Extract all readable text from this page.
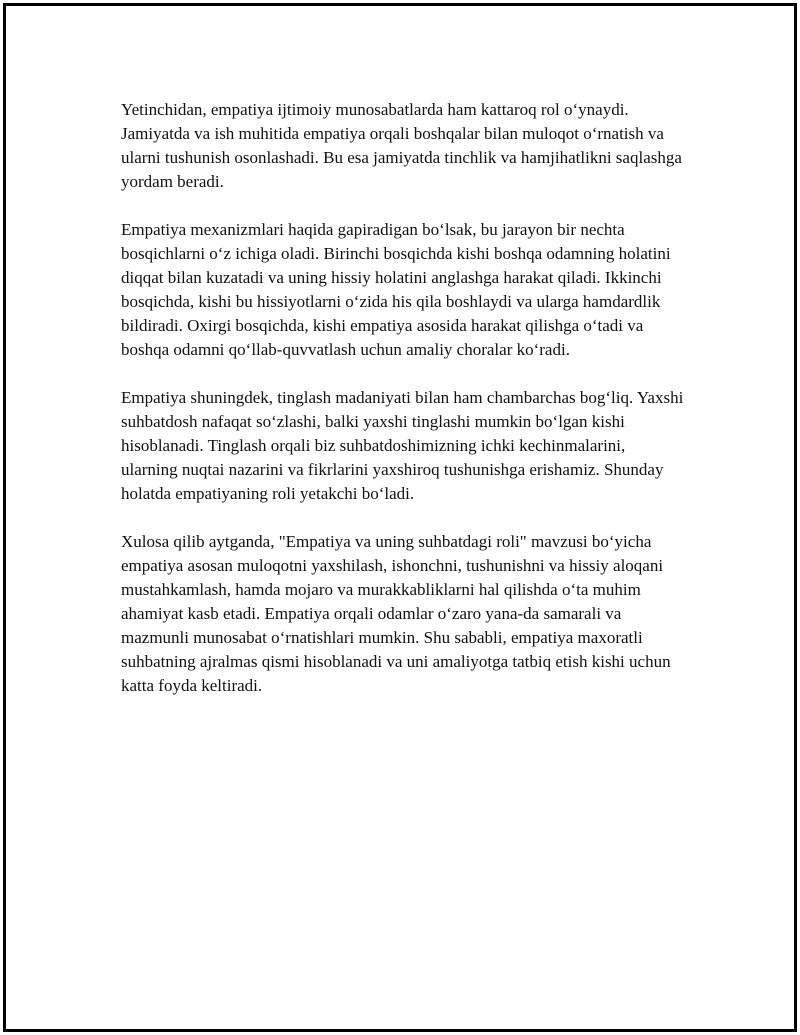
Yetinchidan, empatiya ijtimoiy munosabatlarda ham kattaroq rol o‘ynaydi. Jamiyatda va ish muhitida empatiya orqali boshqalar bilan muloqot o‘rnatish va ularni tushunish osonlashadi. Bu esa jamiyatda tinchlik va hamjihatlikni saqlashga yordam beradi.

Empatiya mexanizmlari haqida gapiradigan bo‘lsak, bu jarayon bir nechta bosqichlarni o‘z ichiga oladi. Birinchi bosqichda kishi boshqa odamning holatini diqqat bilan kuzatadi va uning hissiy holatini anglashga harakat qiladi. Ikkinchi bosqichda, kishi bu hissiyotlarni o‘zida his qila boshlaydi va ularga hamdardlik bildiradi. Oxirgi bosqichda, kishi empatiya asosida harakat qilishga o‘tadi va boshqa odamni qo‘llab-quvvatlash uchun amaliy choralar ko‘radi.

Empatiya shuningdek, tinglash madaniyati bilan ham chambarchas bog‘liq. Yaxshi suhbatdosh nafaqat so‘zlashi, balki yaxshi tinglashi mumkin bo‘lgan kishi hisoblanadi. Tinglash orqali biz suhbatdoshimizning ichki kechinmalarini, ularning nuqtai nazarini va fikrlarini yaxshiroq tushunishga erishamiz. Shunday holatda empatiyaning roli yetakchi bo‘ladi.

Xulosa qilib aytganda, "Empatiya va uning suhbatdagi roli" mavzusi bo‘yicha empatiya asosan muloqotni yaxshilash, ishonchni, tushunishni va hissiy aloqani mustahkamlash, hamda mojaro va murakkabliklarni hal qilishda o‘ta muhim ahamiyat kasb etadi. Empatiya orqali odamlar o‘zaro yana-da samarali va mazmunli munosabat o‘rnatishlari mumkin. Shu sababli, empatiya maxoratli suhbatning ajralmas qismi hisoblanadi va uni amaliyotga tatbiq etish kishi uchun katta foyda keltiradi.
